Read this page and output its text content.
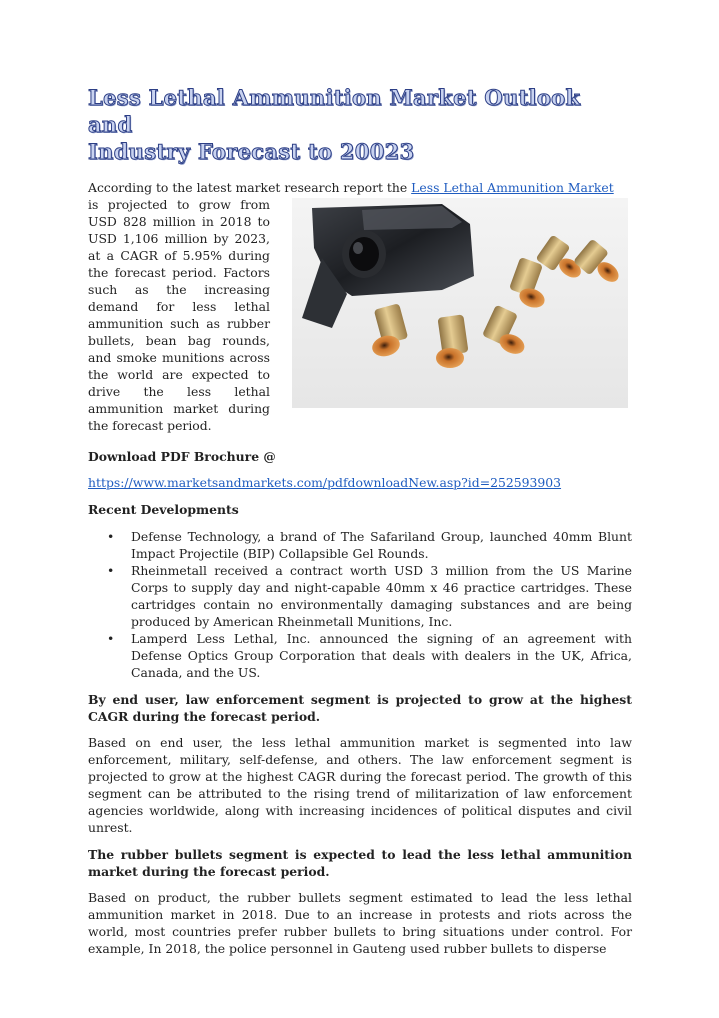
Less Lethal Ammunition Market Outlook and
Industry Forecast to 20023
According to the latest market research report the Less Lethal Ammunition Market

is projected to grow from USD 828 million in 2018 to USD 1,106 million by 2023, at a CAGR of 5.95% during the forecast period. Factors such as the increasing demand for less lethal ammunition such as rubber bullets, bean bag rounds, and smoke munitions across the world are expected to drive the less lethal ammunition market during the forecast period.

Download PDF Brochure @

https://www.marketsandmarkets.com/pdfdownloadNew.asp?id=252593903

Recent Developments

• Defense Technology, a brand of The Safariland Group, launched 40mm Blunt Impact Projectile (BIP) Collapsible Gel Rounds.
• Rheinmetall received a contract worth USD 3 million from the US Marine Corps to supply day and night-capable 40mm x 46 practice cartridges. These cartridges contain no environmentally damaging substances and are being produced by American Rheinmetall Munitions, Inc.
• Lamperd Less Lethal, Inc. announced the signing of an agreement with Defense Optics Group Corporation that deals with dealers in the UK, Africa, Canada, and the US.

By end user, law enforcement segment is projected to grow at the highest CAGR during the forecast period.

Based on end user, the less lethal ammunition market is segmented into law enforcement, military, self-defense, and others. The law enforcement segment is projected to grow at the highest CAGR during the forecast period. The growth of this segment can be attributed to the rising trend of militarization of law enforcement agencies worldwide, along with increasing incidences of political disputes and civil unrest.

The rubber bullets segment is expected to lead the less lethal ammunition market during the forecast period.

Based on product, the rubber bullets segment estimated to lead the less lethal ammunition market in 2018. Due to an increase in protests and riots across the world, most countries prefer rubber bullets to bring situations under control. For example, In 2018, the police personnel in Gauteng used rubber bullets to disperse
